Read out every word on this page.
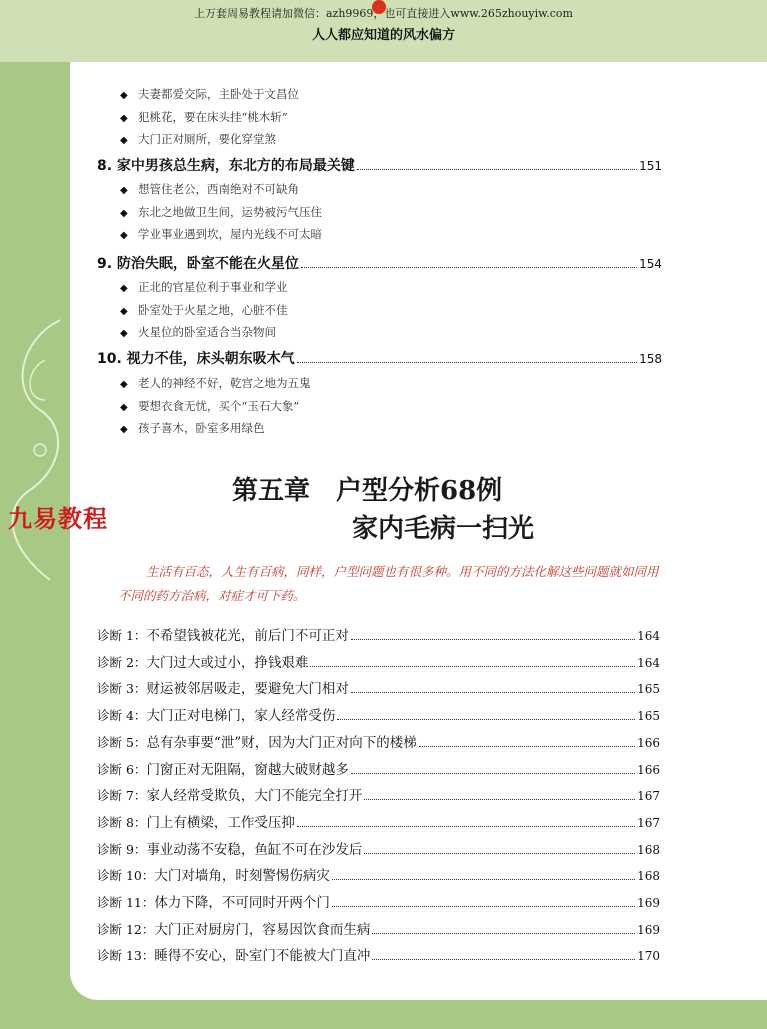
上万套周易教程请加微信：azh9969，也可直接进入www.265zhouyiw.com
人人都应知道的风水偏方
九易教程
8. 家中男孩总生病，东北方的布局最关键	151
9. 防治失眠，卧室不能在火星位	154
10. 视力不佳，床头朝东吸木气	158
第五章　户型分析68例
家内毛病一扫光
生活有百态，人生有百病，同样，户型问题也有很多种。用不同的方法化解这些问题就如同用不同的药方治病，对症才可下药。
◆ 夫妻都爱交际，主卧处于文昌位
◆ 犯桃花，要在床头挂“桃木斩”
◆ 大门正对厕所，要化穿堂煞
◆ 想管住老公，西南绝对不可缺角
◆ 东北之地做卫生间，运势被污气压住
◆ 学业事业遇到坎，屋内光线不可太暗
◆ 正北的官星位利于事业和学业
◆ 卧室处于火星之地，心脏不佳
◆ 火星位的卧室适合当杂物间
◆ 老人的神经不好，乾宫之地为五鬼
◆ 要想衣食无忧，买个“玉石大象”
◆ 孩子喜木，卧室多用绿色
诊断 1： 不希望钱被花光，前后门不可正对	164
诊断 2： 大门过大或过小，挣钱艰难	164
诊断 3： 财运被邻居吸走，要避免大门相对	165
诊断 4： 大门正对电梯门，家人经常受伤	165
诊断 5： 总有杂事要“泄”财，因为大门正对向下的楼梯	166
诊断 6： 门窗正对无阻隔，窗越大破财越多	166
诊断 7： 家人经常受欺负，大门不能完全打开	167
诊断 8： 门上有横梁，工作受压抑	167
诊断 9： 事业动荡不安稳，鱼缸不可在沙发后	168
诊断 10： 大门对墙角，时刻警惕伤病灾	168
诊断 11： 体力下降，不可同时开两个门	169
诊断 12： 大门正对厨房门，容易因饮食而生病	169
诊断 13： 睡得不安心，卧室门不能被大门直冲	170
